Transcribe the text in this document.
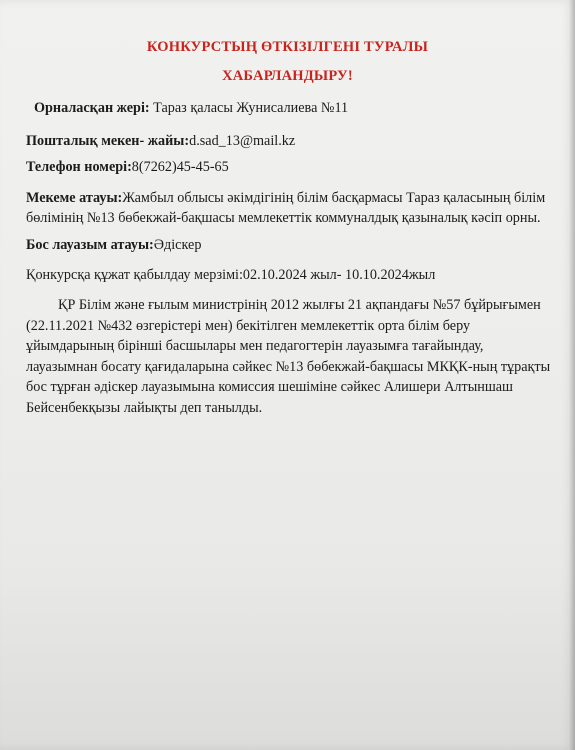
КОНКУРСТЫҢ ӨТКІЗІЛГЕНІ ТУРАЛЫ

ХАБАРЛАНДЫРУ!

Орналасқан жері: Тараз қаласы Жунисалиева №11

Пошталық мекен- жайы:d.sad_13@mail.kz

Телефон номері:8(7262)45-45-65

Мекеме атауы:Жамбыл облысы әкімдігінің білім басқармасы Тараз қаласының білім
бөлімінің №13 бөбекжай-бақшасы мемлекеттік коммуналдық қазыналық кәсіп орны.

Бос лауазым атауы:Әдіскер

Қонкурсқа құжат қабылдау мерзімі:02.10.2024 жыл- 10.10.2024жыл

ҚР Білім және ғылым министрінің 2012 жылғы 21 ақпандағы №57 бұйрығымен
(22.11.2021 №432 өзгерістері мен) бекітілген мемлекеттік орта білім беру
ұйымдарының бірінші басшылары мен педагогтерін лауазымға тағайындау,
лауазымнан босату қағидаларына сәйкес №13 бөбекжай-бақшасы МКҚК-ның тұрақты
бос тұрған әдіскер лауазымына комиссия шешіміне сәйкес Алишери Алтыншаш
Бейсенбекқызы лайықты деп танылды.
